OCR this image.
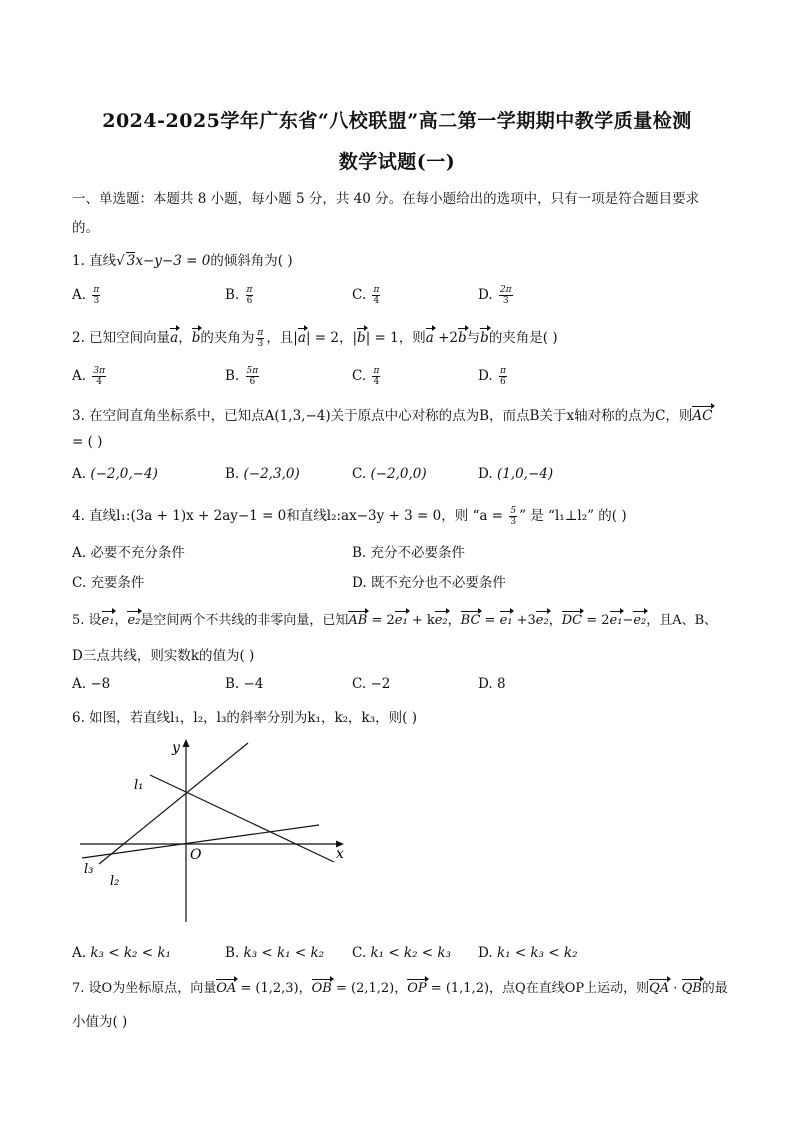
2024-2025学年广东省“八校联盟”高二第一学期期中教学质量检测
数学试题(一)
一、单选题：本题共 8 小题，每小题 5 分，共 40 分。在每小题给出的选项中，只有一项是符合题目要求
的。
1. 直线√ 3x−y−3 = 0的倾斜角为( )
A. $\frac{\pi}{3}$	B. $\frac{\pi}{6}$	C. $\frac{\pi}{4}$	D. $\frac{2\pi}{3}$
2. 已知空间向量a，b的夹角为 $\frac{\pi}{3}$ ，且|a| = 2，|b| = 1，则a +2b与b的夹角是( )
A. $\frac{3\pi}{4}$	B. $\frac{5\pi}{6}$	C. $\frac{\pi}{4}$	D. $\frac{\pi}{6}$
3. 在空间直角坐标系中，已知点A(1,3,−4)关于原点中心对称的点为B，而点B关于x轴对称的点为C，则AC
= ( )
A. (−2,0,−4)	B. (−2,3,0)	C. (−2,0,0)	D. (1,0,−4)
4. 直线l₁:(3a + 1)x + 2ay−1 = 0和直线l₂:ax−3y + 3 = 0，则 “$a = \frac{5}{3}$ ” 是 “l₁⊥l₂” 的( )
A. 必要不充分条件	B. 充分不必要条件
C. 充要条件	D. 既不充分也不必要条件
5. 设e₁，e₂是空间两个不共线的非零向量，已知AB = 2e₁ + ke₂，BC = e₁ +3e₂，DC = 2e₁−e₂，且A、B、
D三点共线，则实数k的值为( )
A. −8	B. −4	C. −2	D. 8
6. 如图，若直线l₁，l₂，l₃的斜率分别为k₁，k₂，k₃，则( )
y
x
O
l₁
l₂
l₃
A. k₃ < k₂ < k₁	B. k₃ < k₁ < k₂ C. k₁ < k₂ < k₃ D. k₁ < k₃ < k₂
7. 设O为坐标原点，向量OA = (1,2,3)，OB = (2,1,2)，OP = (1,1,2)，点Q在直线OP上运动，则QA · QB的最
小值为( )
